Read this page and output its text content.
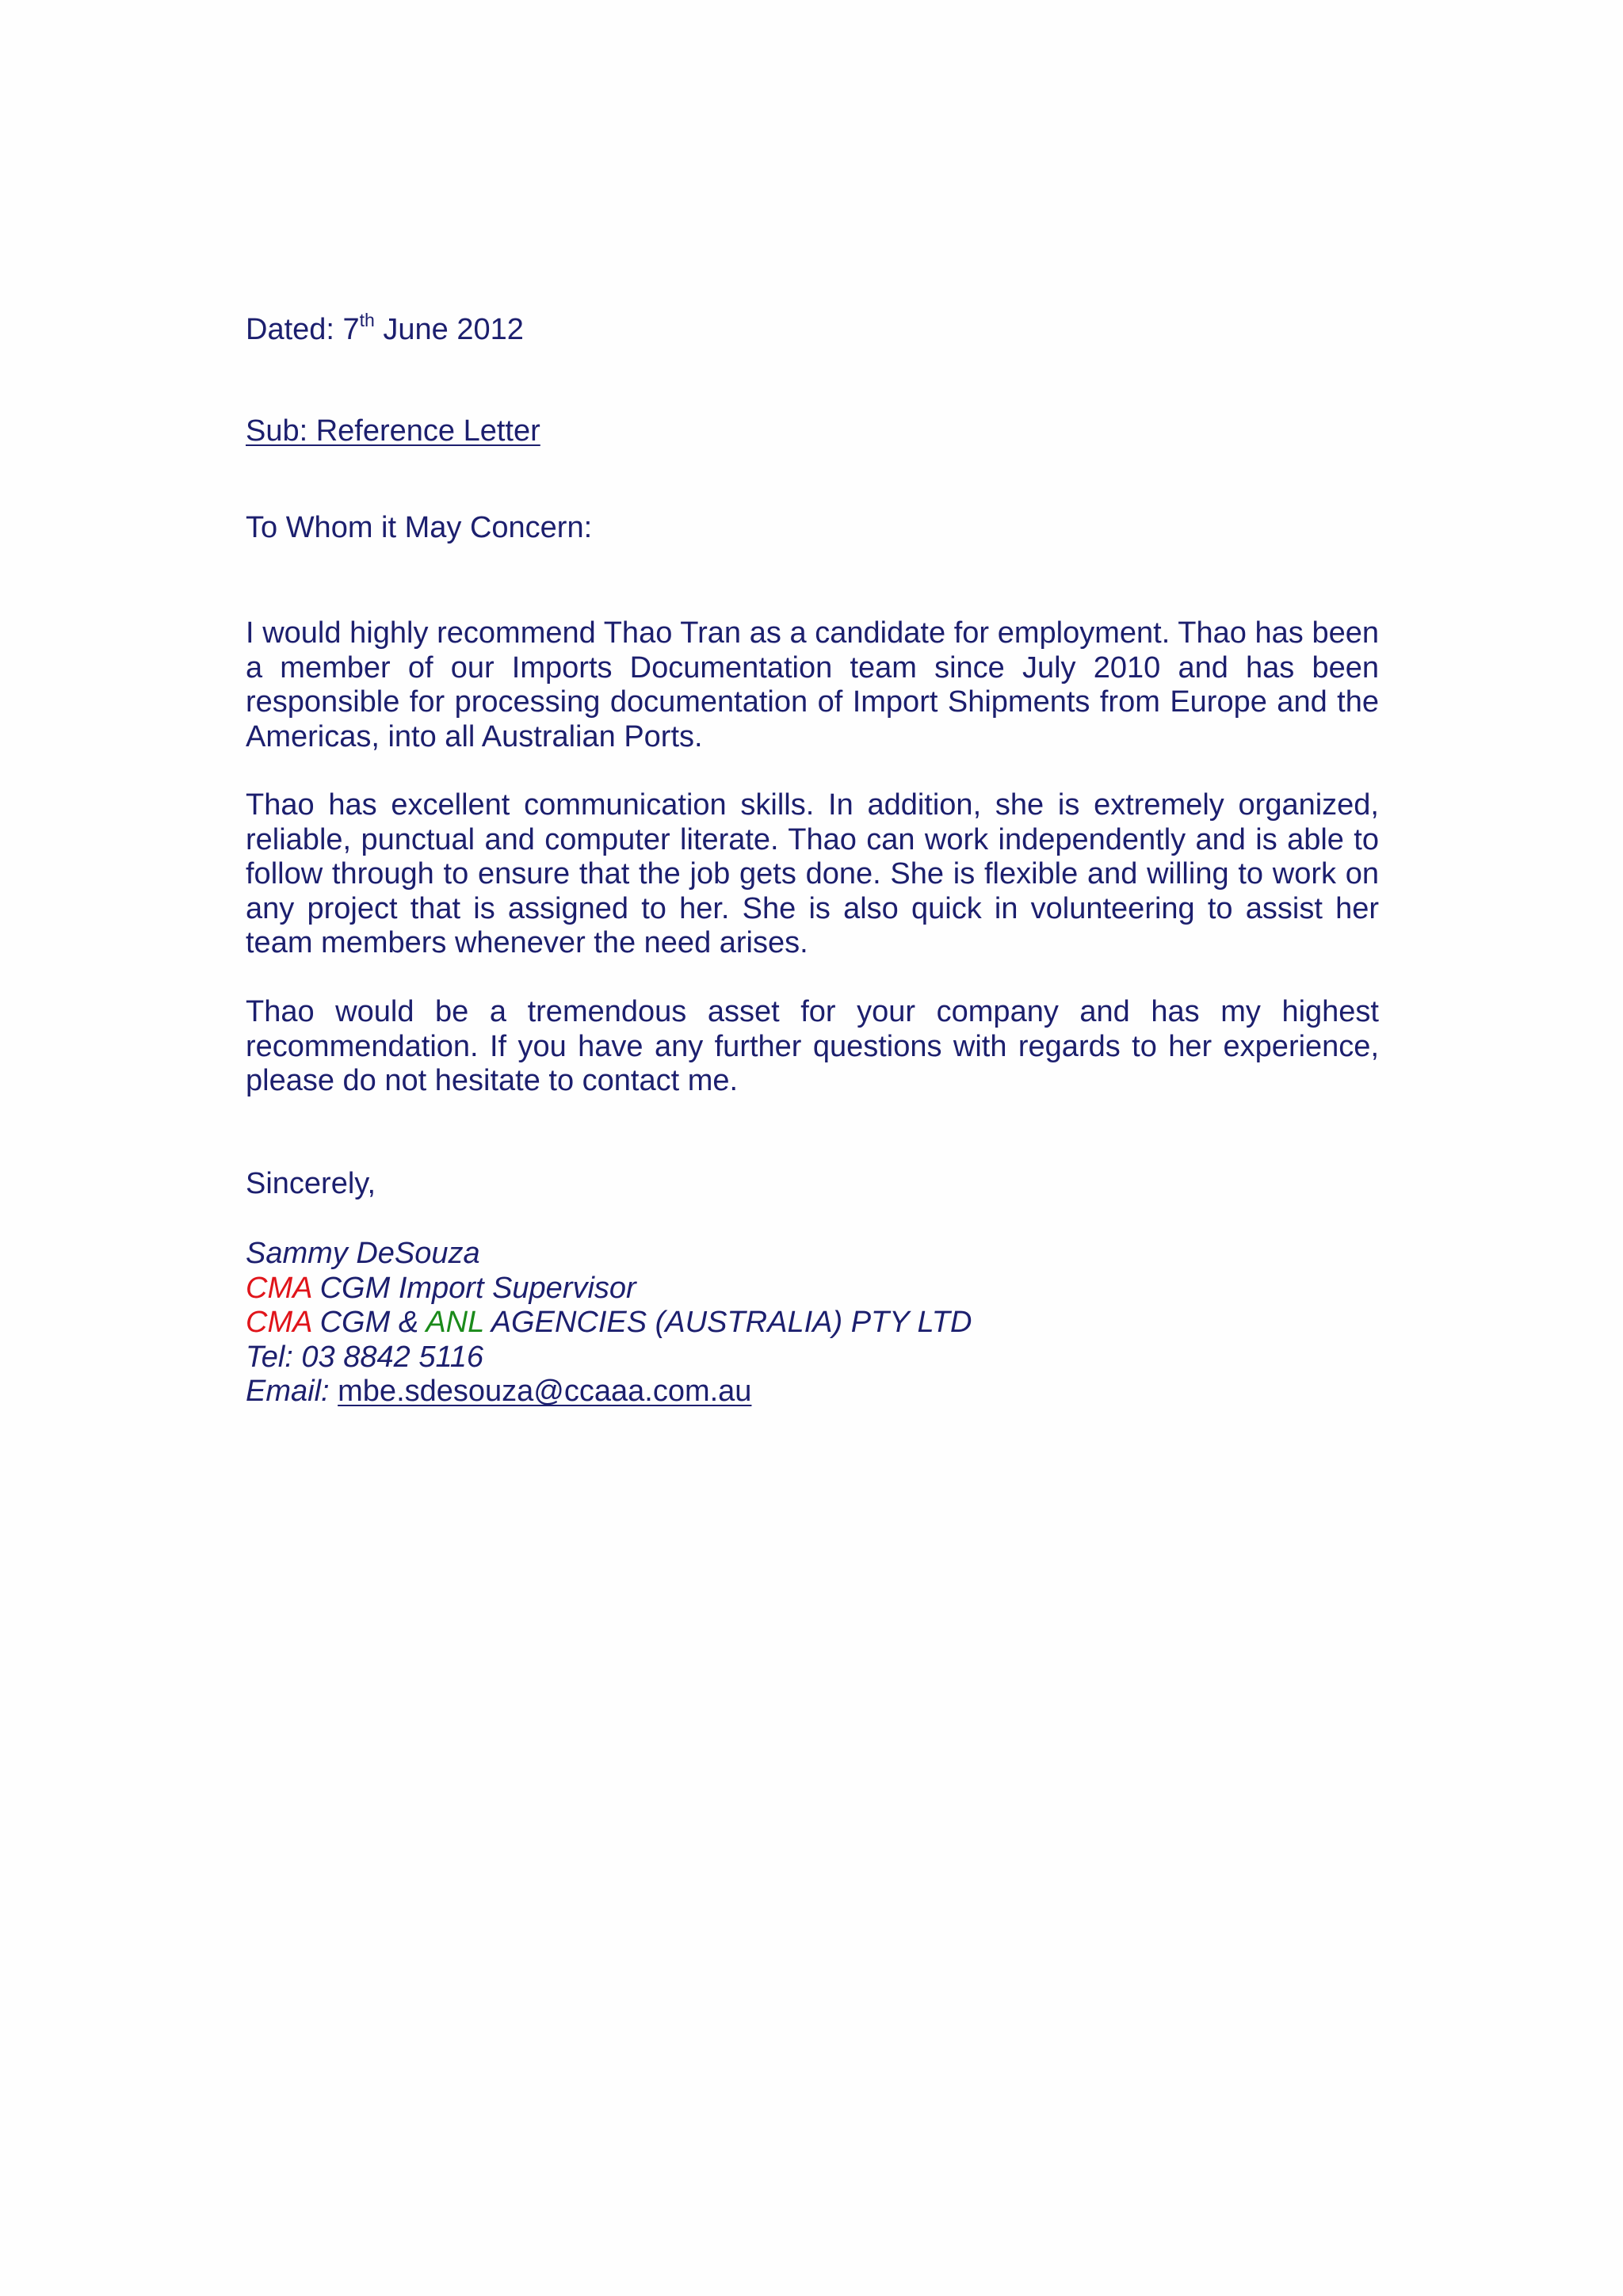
Dated: 7th June 2012
Sub: Reference Letter
To Whom it May Concern:
I would highly recommend Thao Tran as a candidate for employment. Thao has been a member of our Imports Documentation team since July 2010 and has been responsible for processing documentation of Import Shipments from Europe and the Americas, into all Australian Ports.
Thao has excellent communication skills. In addition, she is extremely organized, reliable, punctual and computer literate. Thao can work independently and is able to follow through to ensure that the job gets done. She is flexible and willing to work on any project that is assigned to her. She is also quick in volunteering to assist her team members whenever the need arises.
Thao would be a tremendous asset for your company and has my highest recommendation. If you have any further questions with regards to her experience, please do not hesitate to contact me.
Sincerely,
Sammy DeSouza
CMA CGM Import Supervisor
CMA CGM & ANL AGENCIES (AUSTRALIA) PTY LTD
Tel: 03 8842 5116
Email: mbe.sdesouza@ccaaa.com.au
